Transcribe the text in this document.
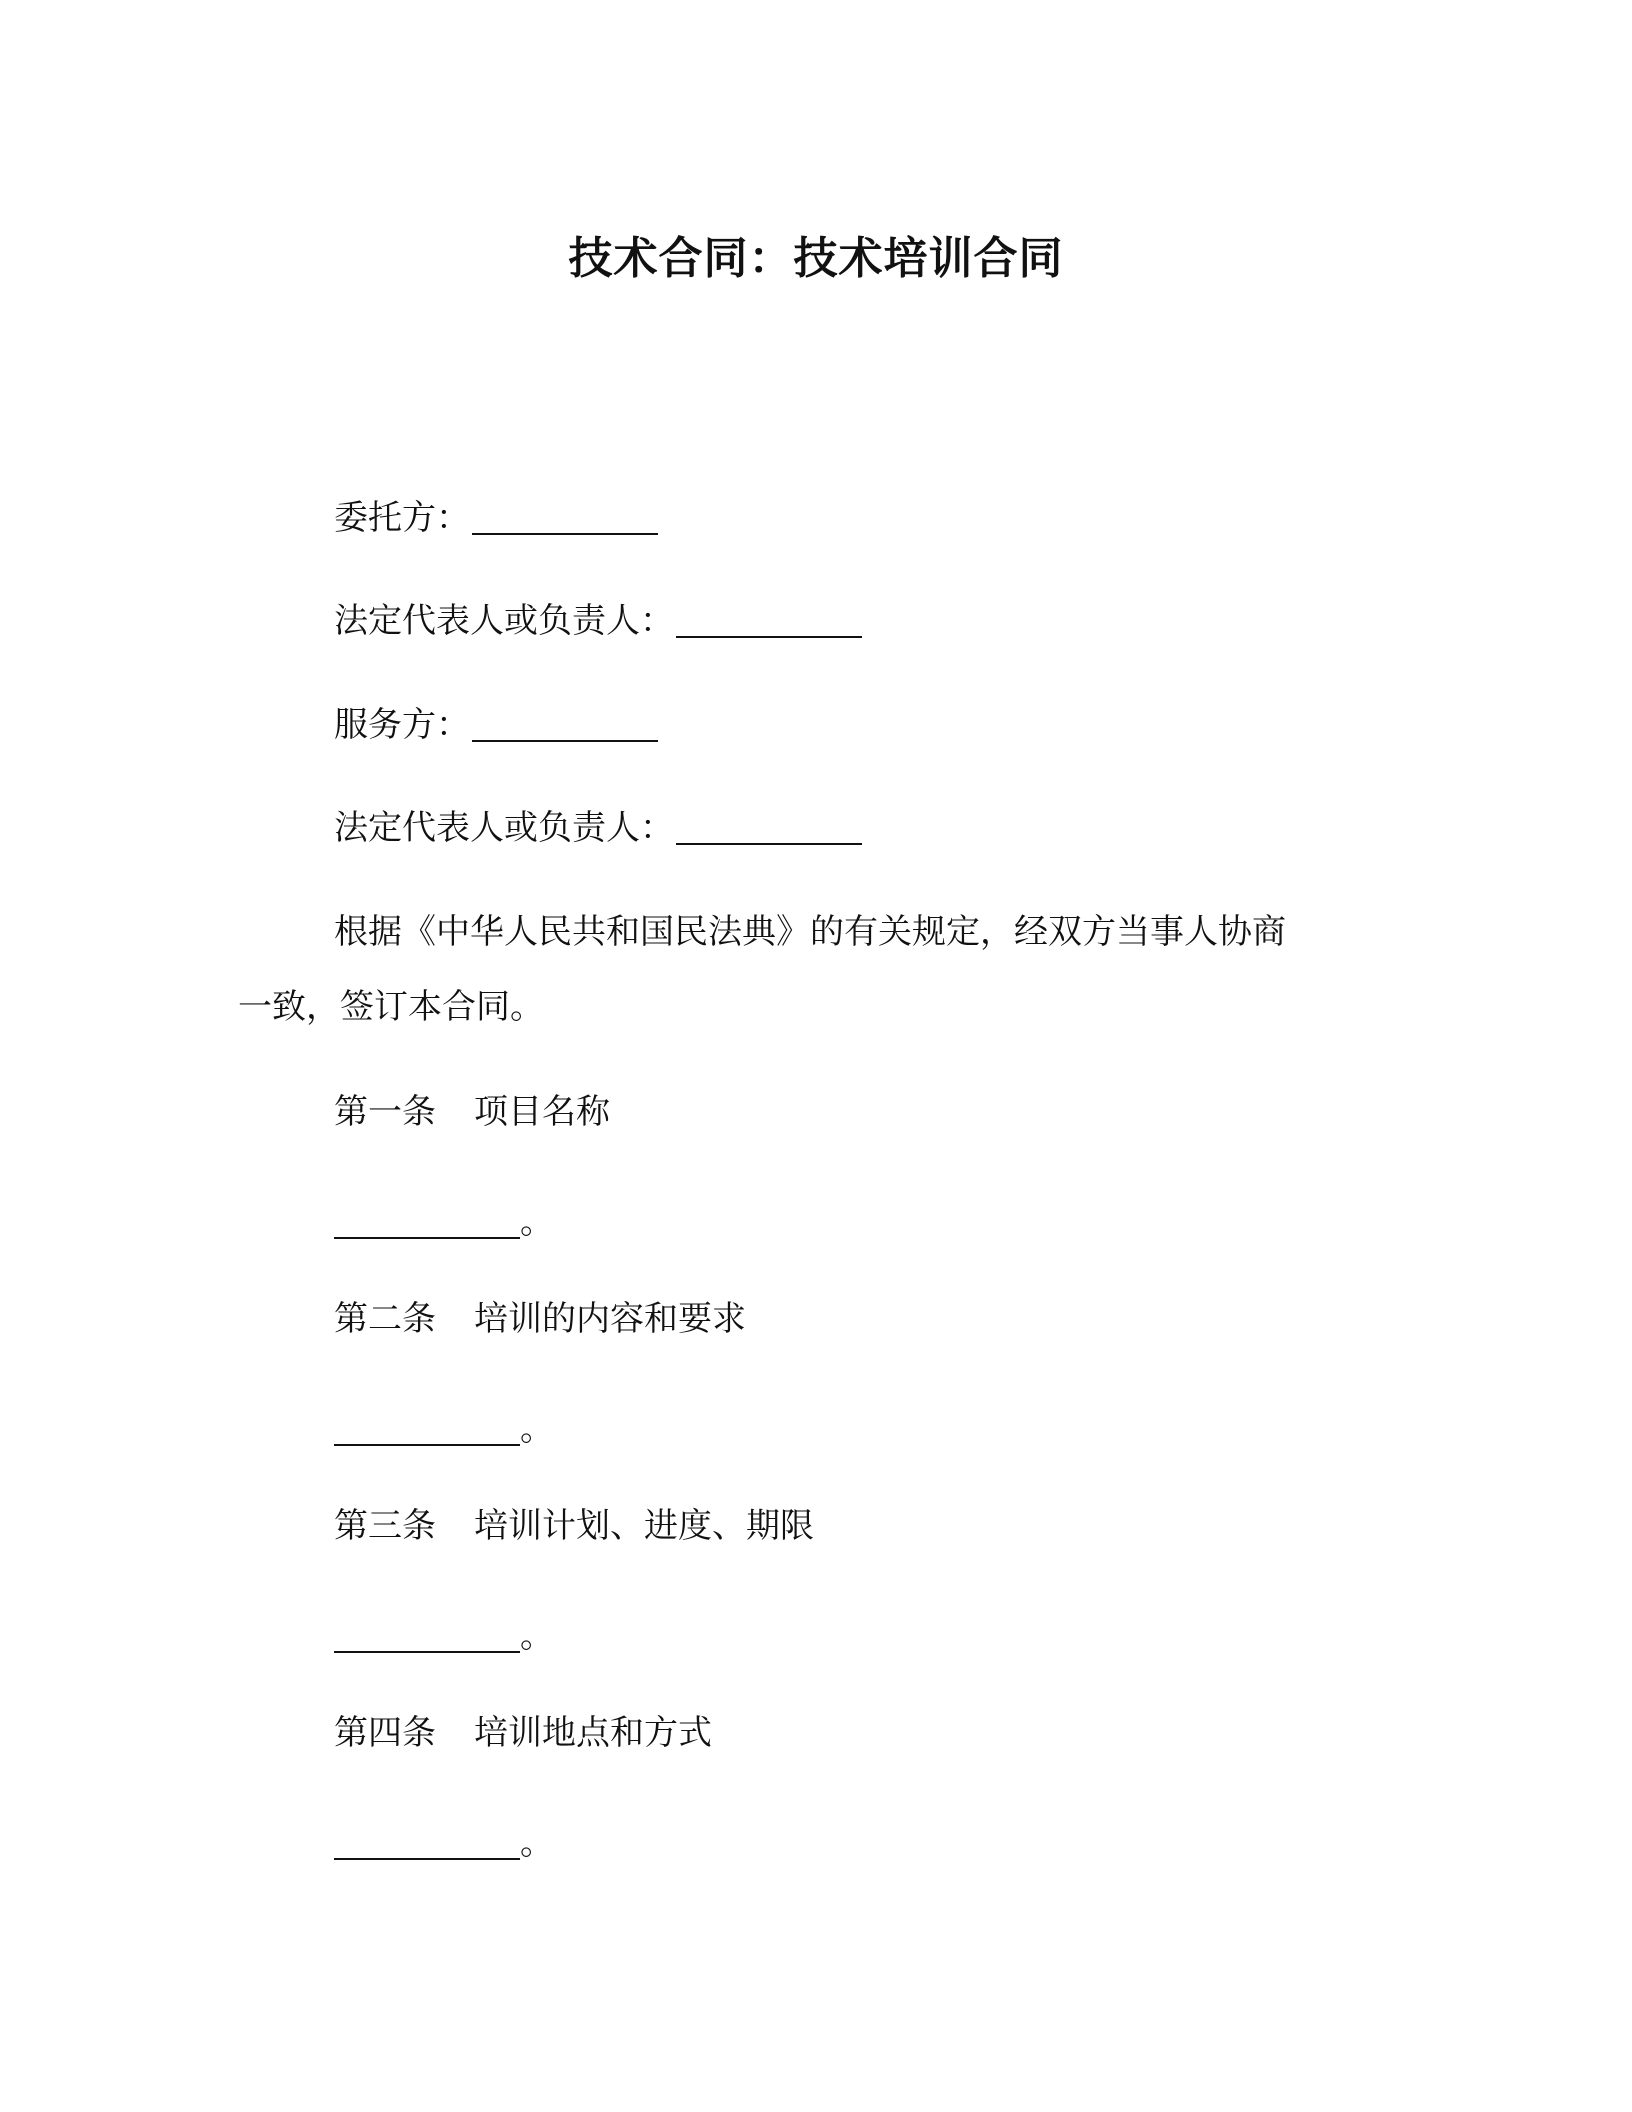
技术合同：技术培训合同
委托方：
法定代表人或负责人：
服务方：
法定代表人或负责人：
根据《中华人民共和国民法典》的有关规定，经双方当事人协商
一致，签订本合同。
第一条 项目名称
。
第二条 培训的内容和要求
。
第三条 培训计划、进度、期限
。
第四条 培训地点和方式
。
